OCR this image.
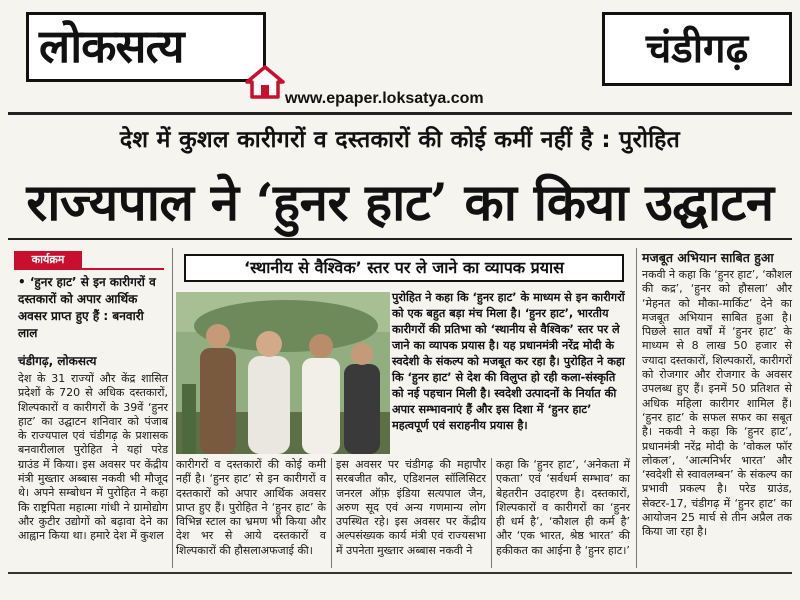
लोकसत्य	चंडीगढ़
www.epaper.loksatya.com
देश में कुशल कारीगरों व दस्तकारों की कोई कमीं नहीं है : पुरोहित
राज्यपाल ने ‘हुनर हाट’ का किया उद्घाटन
कार्यक्रम
• ‘हुनर हाट’ से इन कारीगरों व दस्तकारों को अपार आर्थिक अवसर प्राप्त हुए हैं : बनवारी लाल
चंडीगढ़, लोकसत्य

देश के 31 राज्यों और केंद्र शासित प्रदेशों के 720 से अधिक दस्तकारों, शिल्पकारों व कारीगरों के 39वें ‘हुनर हाट’ का उद्घाटन शनिवार को पंजाब के राज्यपाल एवं चंडीगढ़ के प्रशासक बनवारीलाल पुरोहित ने यहां परेड ग्राउंड में किया। इस अवसर पर केंद्रीय मंत्री मुख्तार अब्बास नकवी भी मौजूद थे। अपने सम्बोधन में पुरोहित ने कहा कि राष्ट्रपिता महात्मा गांधी ने ग्रामोद्योग और कुटीर उद्योगों को बढ़ावा देने का आह्वान किया था। हमारे देश में कुशल

‘स्थानीय से वैश्विक’ स्तर पर ले जाने का व्यापक प्रयास
पुरोहित ने कहा कि ‘हुनर हाट’ के माध्यम से इन कारीगरों को एक बहुत बड़ा मंच मिला है। ‘हुनर हाट’, भारतीय कारीगरों की प्रतिभा को ‘स्थानीय से वैश्विक’ स्तर पर ले जाने का व्यापक प्रयास है। यह प्रधानमंत्री नरेंद्र मोदी के स्वदेशी के संकल्प को मजबूत कर रहा है। पुरोहित ने कहा कि ‘हुनर हाट’ से देश की विलुप्त हो रही कला-संस्कृति को नई पहचान मिली है। स्वदेशी उत्पादनों के निर्यात की अपार सम्भावनाएं हैं और इस दिशा में ‘हुनर हाट’ महत्वपूर्ण एवं सराहनीय प्रयास है।

कारीगरों व दस्तकारों की कोई कमी नहीं है। ‘हुनर हाट’ से इन कारीगरों व दस्तकारों को अपार आर्थिक अवसर प्राप्त हुए हैं। पुरोहित ने ‘हुनर हाट’ के विभिन्न स्टाल का भ्रमण भी किया और देश भर से आये दस्तकारों व शिल्पकारों की हौसलाअफजाई की।

इस अवसर पर चंडीगढ़ की महापौर सरबजीत कौर, एडिशनल सॉलिसिटर जनरल ऑफ़ इंडिया सत्यपाल जैन, अरुण सूद एवं अन्य गणमान्य लोग उपस्थित रहे। इस अवसर पर केंद्रीय अल्पसंख्यक कार्य मंत्री एवं राज्यसभा में उपनेता मुख्तार अब्बास नकवी ने

कहा कि ‘हुनर हाट’, ‘अनेकता में एकता’ एवं ‘सर्वधर्म सम्भाव’ का बेहतरीन उदाहरण है। दस्तकारों, शिल्पकारों व कारीगरों का ‘हुनर ही धर्म है’, ‘कौशल ही कर्म है’ और ‘एक भारत, श्रेष्ठ भारत’ की हकीकत का आईना है ‘हुनर हाट।’

मजबूत अभियान साबित हुआ

नकवी ने कहा कि ‘हुनर हाट’, ‘कौशल की कद्र’, ‘हुनर को हौसला’ और ‘मेहनत को मौका-मार्किट’ देने का मजबूत अभियान साबित हुआ है। पिछले सात वर्षों में ‘हुनर हाट’ के माध्यम से 8 लाख 50 हजार से ज्यादा दस्तकारों, शिल्पकारों, कारीगरों को रोजगार और रोजगार के अवसर उपलब्ध हुए हैं। इनमें 50 प्रतिशत से अधिक महिला कारीगर शामिल हैं। ‘हुनर हाट’ के सफल सफर का सबूत है। नकवी ने कहा कि ‘हुनर हाट’, प्रधानमंत्री नरेंद्र मोदी के ‘वोकल फॉर लोकल’, ‘आत्मनिर्भर भारत’ और ‘स्वदेशी से स्वावलम्बन’ के संकल्प का प्रभावी प्रकल्प है। परेड ग्राउंड, सेक्टर-17, चंडीगढ़ में ‘हुनर हाट’ का आयोजन 25 मार्च से तीन अप्रैल तक किया जा रहा है।
